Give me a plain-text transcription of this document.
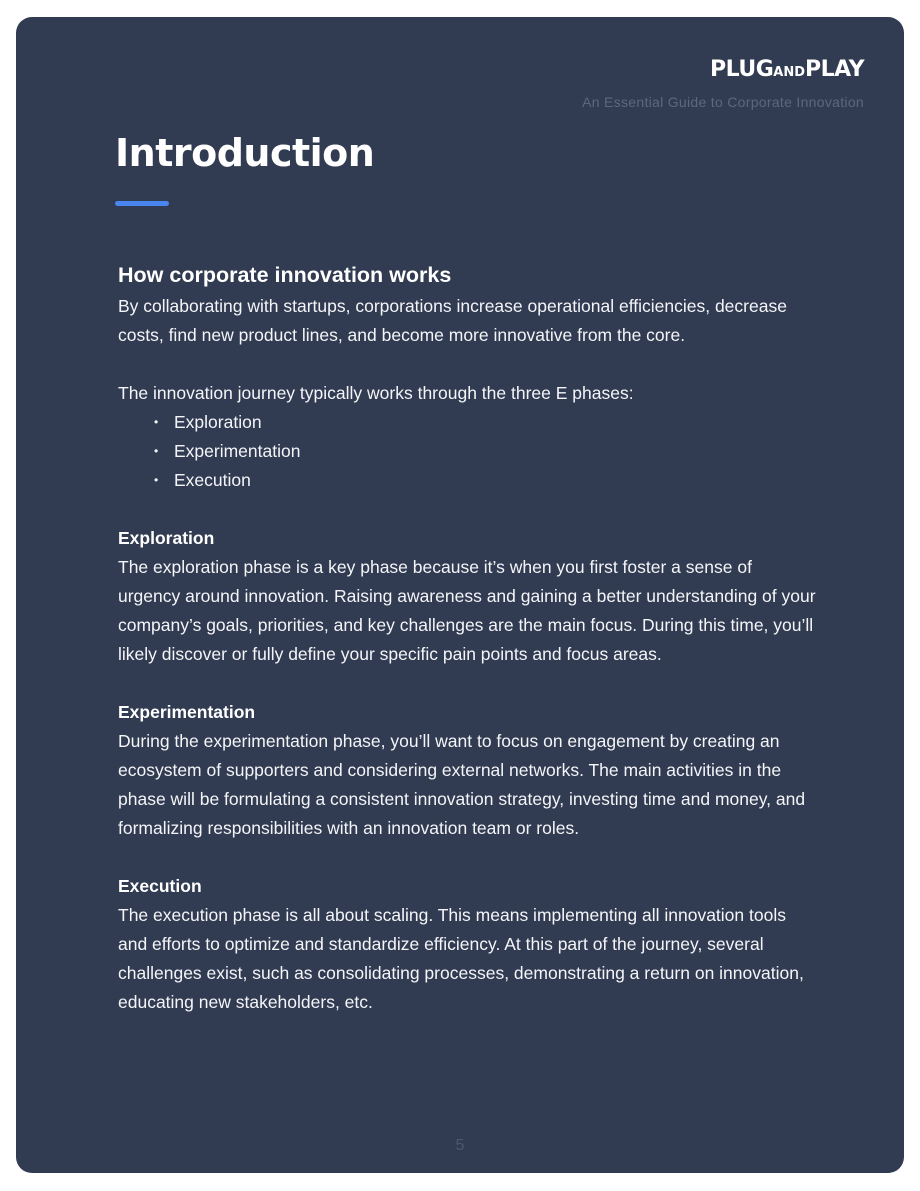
PLUGANDPLAY
An Essential Guide to Corporate Innovation
Introduction
How corporate innovation works

By collaborating with startups, corporations increase operational efficiencies, decrease costs, find new product lines, and become more innovative from the core.

The innovation journey typically works through the three E phases:

• Exploration
• Experimentation
• Execution
Exploration

The exploration phase is a key phase because it’s when you first foster a sense of urgency around innovation. Raising awareness and gaining a better understanding of your company’s goals, priorities, and key challenges are the main focus. During this time, you’ll likely discover or fully define your specific pain points and focus areas.

Experimentation

During the experimentation phase, you’ll want to focus on engagement by creating an ecosystem of supporters and considering external networks. The main activities in the phase will be formulating a consistent innovation strategy, investing time and money, and formalizing responsibilities with an innovation team or roles.

Execution

The execution phase is all about scaling. This means implementing all innovation tools and efforts to optimize and standardize efficiency. At this part of the journey, several challenges exist, such as consolidating processes, demonstrating a return on innovation, educating new stakeholders, etc.

5
